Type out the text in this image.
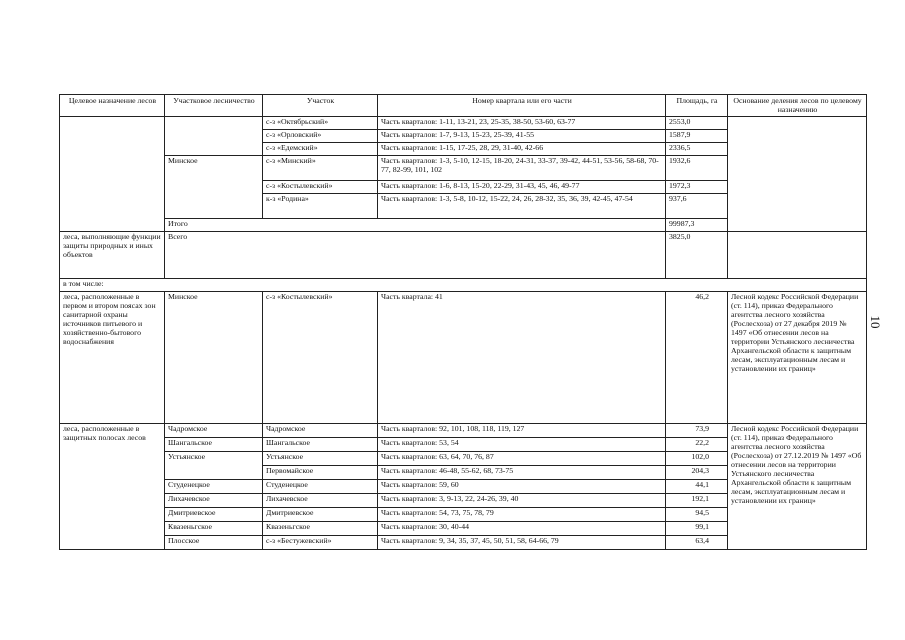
Целевое назначение лесов	Участковое лесничество	Участок	Номер квартала или его части	Площадь, га	Основание деления лесов по целевому назначению
		с-з «Октябрьский»	Часть кварталов: 1-11, 13-21, 23, 25-35, 38-50, 53-60, 63-77	2553,0	
		с-з «Орловский»	Часть кварталов: 1-7, 9-13, 15-23, 25-39, 41-55	1587,9	
		с-з «Едемский»	Часть кварталов: 1-15, 17-25, 28, 29, 31-40, 42-66	2336,5	
	Минское	с-з «Минский»	Часть кварталов: 1-3, 5-10, 12-15, 18-20, 24-31, 33-37, 39-42, 44-51, 53-56, 58-68, 70-77, 82-99, 101, 102	1932,6	
		с-з «Костылевский»	Часть кварталов: 1-6, 8-13, 15-20, 22-29, 31-43, 45, 46, 49-77	1972,3	
		к-з «Родина»	Часть кварталов: 1-3, 5-8, 10-12, 15-22, 24, 26, 28-32, 35, 36, 39, 42-45, 47-54	937,6	
	Итого			99987,3	
леса, выполняющие функции защиты природных и иных объектов	Всего			3825,0	
в том числе:					
леса, расположенные в первом и втором поясах зон санитарной охраны источников питьевого и хозяйственно-бытового водоснабжения	Минское	с-з «Костылевский»	Часть квартала: 41	46,2	Лесной кодекс Российской Федерации (ст. 114), приказ Федерального агентства лесного хозяйства (Рослесхоза) от 27 декабря 2019 № 1497 «Об отнесении лесов на территории Устьянского лесничества Архангельской области к защитным лесам, эксплуатационным лесам и установлении их границ»
леса, расположенные в защитных полосах лесов	Чадромское	Чадромское	Часть кварталов: 92, 101, 108, 118, 119, 127	73,9	Лесной кодекс Российской Федерации (ст. 114), приказ Федерального агентства лесного хозяйства (Рослесхоза) от 27.12.2019 № 1497 «Об отнесении лесов на территории Устьянского лесничества Архангельской области к защитным лесам, эксплуатационным лесам и установлении их границ»
	Шангальское	Шангальское	Часть кварталов: 53, 54	22,2	
	Устьянское	Устьянское	Часть кварталов: 63, 64, 70, 76, 87	102,0	
		Первомайское	Часть кварталов: 46-48, 55-62, 68, 73-75	204,3	
	Студенецкое	Студенецкое	Часть кварталов: 59, 60	44,1	
	Лихачевское	Лихачевское	Часть кварталов: 3, 9-13, 22, 24-26, 39, 40	192,1	
	Дмитриевское	Дмитриевское	Часть кварталов: 54, 73, 75, 78, 79	94,5	
	Квазеньгское	Квазеньгское	Часть кварталов: 30, 40-44	99,1	
	Плосское	с-з «Бестужевский»	Часть кварталов: 9, 34, 35, 37, 45, 50, 51, 58, 64-66, 79	63,4	
10
